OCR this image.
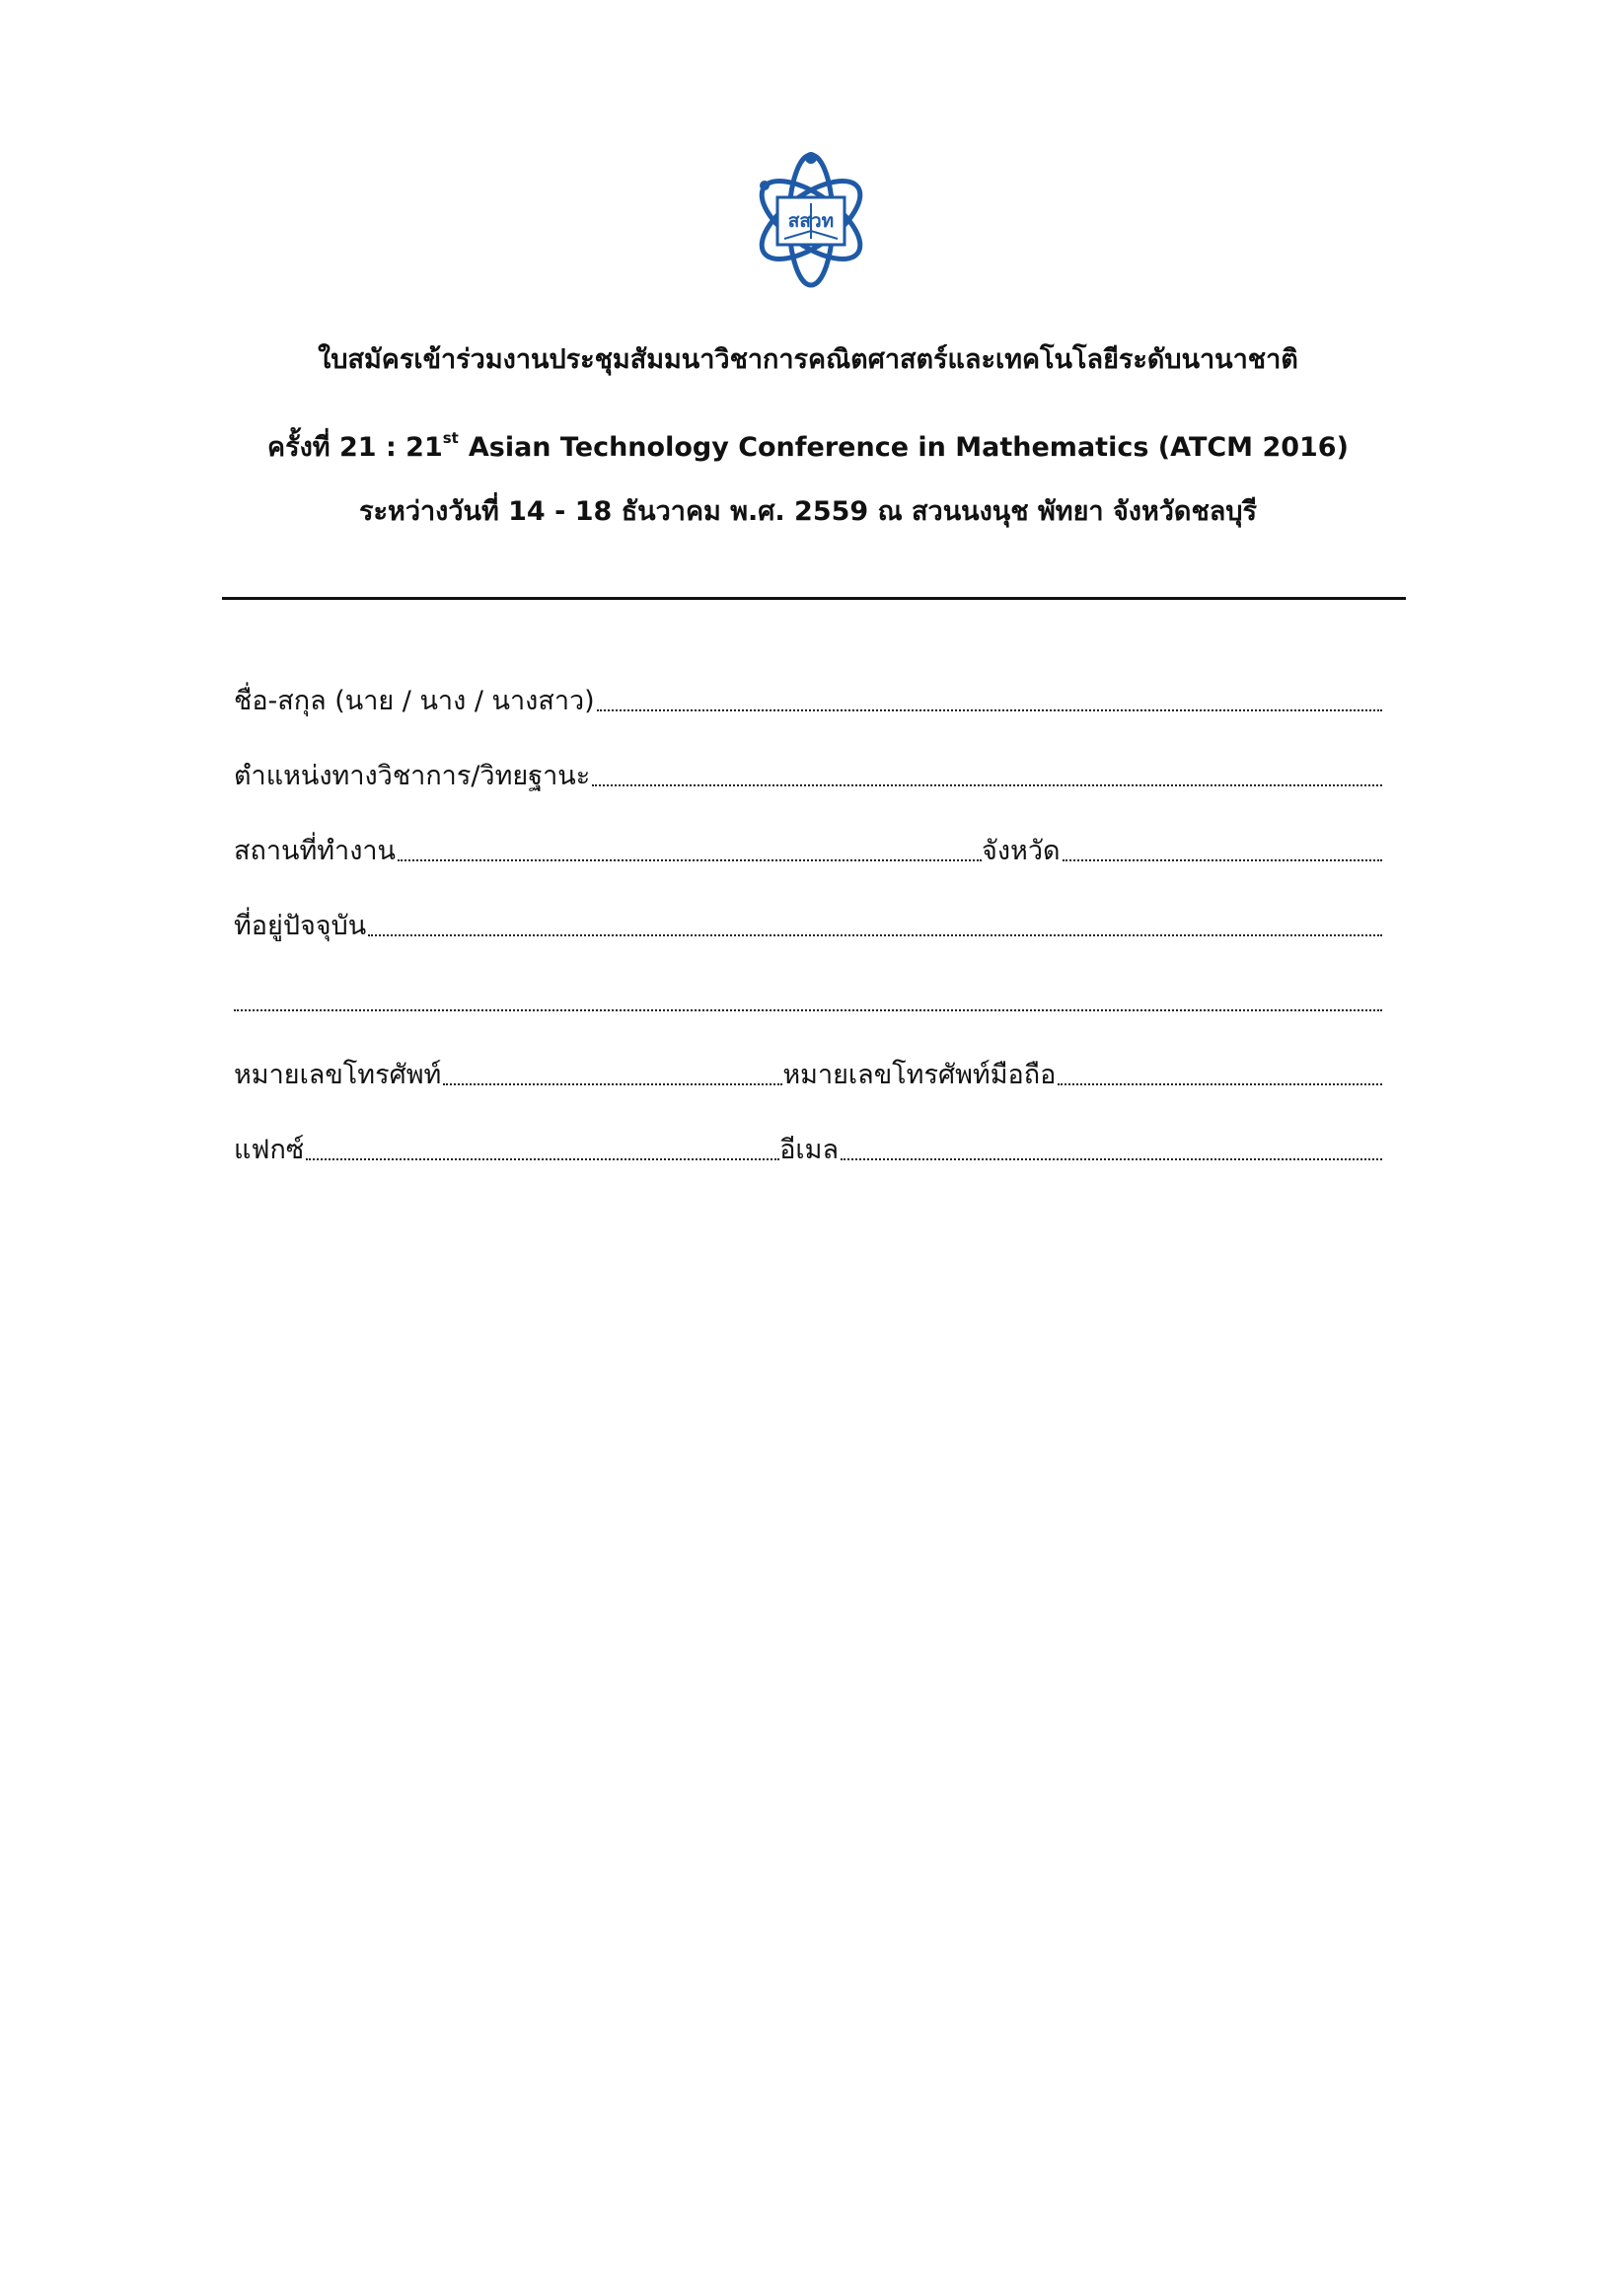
สสวท
ใบสมัครเข้าร่วมงานประชุมสัมมนาวิชาการคณิตศาสตร์และเทคโนโลยีระดับนานาชาติ
ครั้งที่ 21 : 21st Asian Technology Conference in Mathematics (ATCM 2016)
ระหว่างวันที่ 14 - 18 ธันวาคม พ.ศ. 2559 ณ สวนนงนุช พัทยา จังหวัดชลบุรี
ชื่อ-สกุล (นาย / นาง / นางสาว)
ตำแหน่งทางวิชาการ/วิทยฐานะ
สถานที่ทำงาน	จังหวัด
ที่อยู่ปัจจุบัน
หมายเลขโทรศัพท์	หมายเลขโทรศัพท์มือถือ
แฟกซ์	อีเมล
